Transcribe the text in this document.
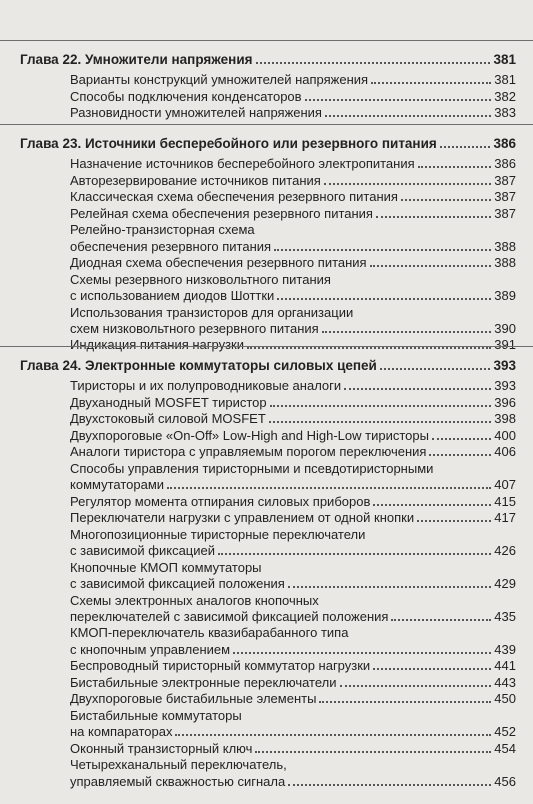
Глава 22. Умножители напряжения	381
Варианты конструкций умножителей напряжения	381
Способы подключения конденсаторов	382
Разновидности умножителей напряжения	383
Глава 23. Источники бесперебойного или резервного питания	386
Назначение источников бесперебойного электропитания	386
Авторезервирование источников питания	387
Классическая схема обеспечения резервного питания	387
Релейная схема обеспечения резервного питания	387
Релейно-транзисторная схема
обеспечения резервного питания	388
Диодная схема обеспечения резервного питания	388
Схемы резервного низковольтного питания
с использованием диодов Шоттки	389
Использования транзисторов для организации
схем низковольтного резервного питания	390
Индикация питания нагрузки	391
Глава 24. Электронные коммутаторы силовых цепей	393
Тиристоры и их полупроводниковые аналоги	393
Двуханодный MOSFET тиристор	396
Двухстоковый силовой MOSFET	398
Двухпороговые «On-Off» Low-High and High-Low тиристоры	400
Аналоги тиристора с управляемым порогом переключения	406
Способы управления тиристорными и псевдотиристорными
коммутаторами	407
Регулятор момента отпирания силовых приборов	415
Переключатели нагрузки с управлением от одной кнопки	417
Многопозиционные тиристорные переключатели
с зависимой фиксацией	426
Кнопочные КМОП коммутаторы
с зависимой фиксацией положения	429
Схемы электронных аналогов кнопочных
переключателей с зависимой фиксацией положения	435
КМОП-переключатель квазибарабанного типа
с кнопочным управлением	439
Беспроводный тиристорный коммутатор нагрузки	441
Бистабильные электронные переключатели	443
Двухпороговые бистабильные элементы	450
Бистабильные коммутаторы
на компараторах	452
Оконный транзисторный ключ	454
Четырехканальный переключатель,
управляемый скважностью сигнала	456
